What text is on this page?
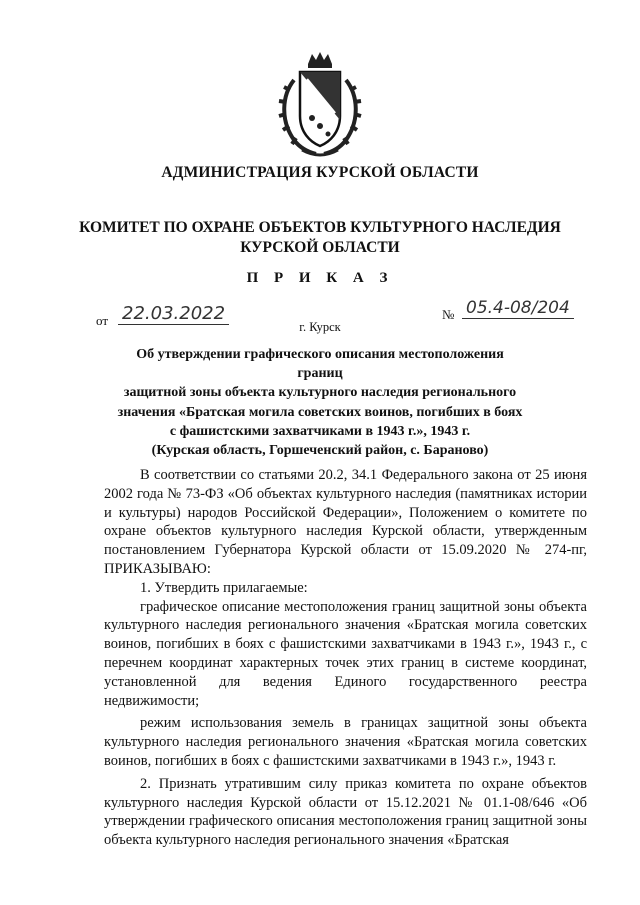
АДМИНИСТРАЦИЯ КУРСКОЙ ОБЛАСТИ
КОМИТЕТ ПО ОХРАНЕ ОБЪЕКТОВ КУЛЬТУРНОГО НАСЛЕДИЯ
КУРСКОЙ ОБЛАСТИ
П Р И К А З
от 22.03.2022	№ 05.4-08/204
г. Курск
Об утверждении графического описания местоположения границ
защитной зоны объекта культурного наследия регионального
значения «Братская могила советских воинов, погибших в боях
с фашистскими захватчиками в 1943 г.», 1943 г.
(Курская область, Горшеченский район, с. Бараново)

В соответствии со статьями 20.2, 34.1 Федерального закона от 25 июня 2002 года № 73-ФЗ «Об объектах культурного наследия (памятниках истории и культуры) народов Российской Федерации», Положением о комитете по охране объектов культурного наследия Курской области, утвержденным постановлением Губернатора Курской области от 15.09.2020 № 274-пг, ПРИКАЗЫВАЮ:

1. Утвердить прилагаемые:

графическое описание местоположения границ защитной зоны объекта культурного наследия регионального значения «Братская могила советских воинов, погибших в боях с фашистскими захватчиками в 1943 г.», 1943 г., с перечнем координат характерных точек этих границ в системе координат, установленной для ведения Единого государственного реестра недвижимости;

режим использования земель в границах защитной зоны объекта культурного наследия регионального значения «Братская могила советских воинов, погибших в боях с фашистскими захватчиками в 1943 г.», 1943 г.

2. Признать утратившим силу приказ комитета по охране объектов культурного наследия Курской области от 15.12.2021 № 01.1-08/646 «Об утверждении графического описания местоположения границ защитной зоны объекта культурного наследия регионального значения «Братская
